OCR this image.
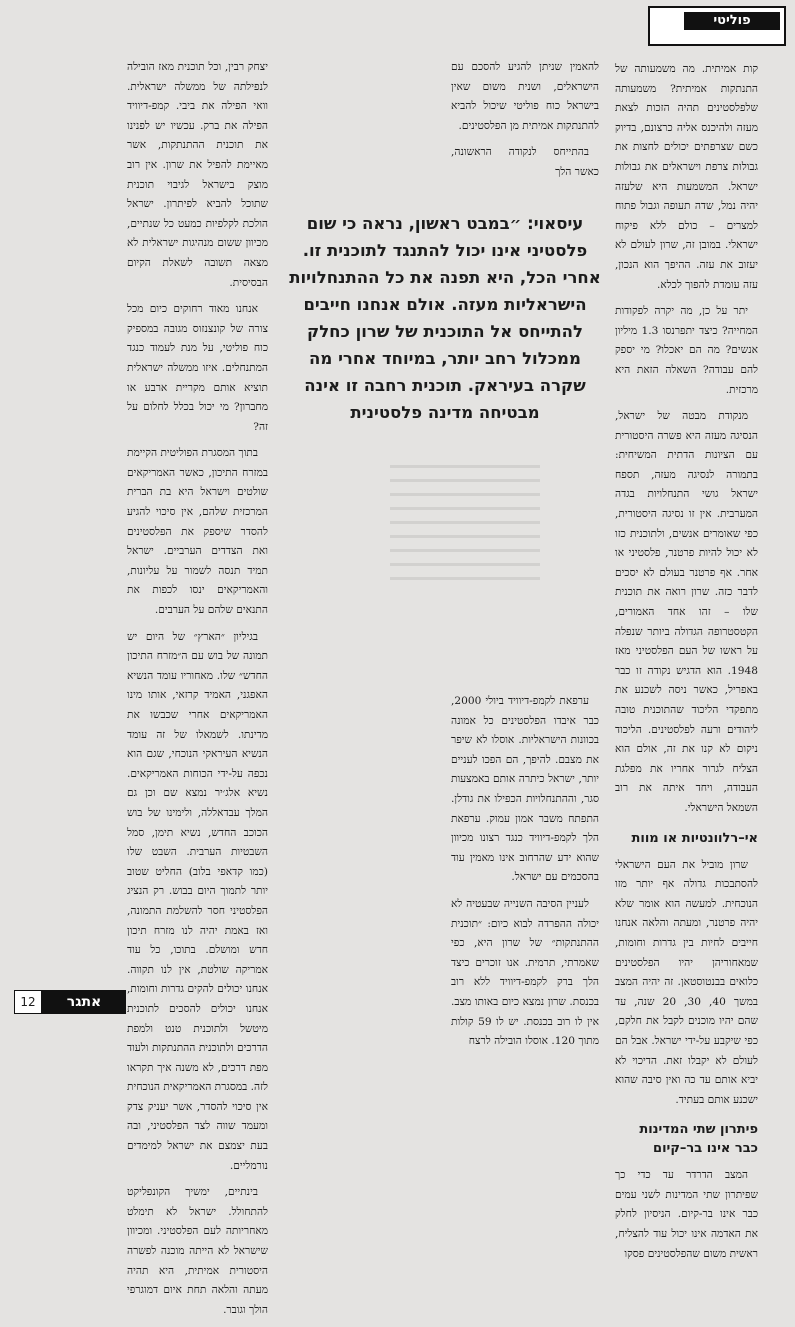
פוליטי

קות אמיתית. מה משמעותה של התנתקות אמיתית? משמעותה שלפלסטינים תהיה הזכות לצאת מעזה ולהיכנס אליה כרצונם, בדיוק כשם שצרפתים יכולים לחצות את גבולות צרפת וישראלים את גבולות ישראל. המשמעות היא שלעזה יהיה נמל, שדה תעופה וגבול פתוח למצרים – כולם ללא פיקוח ישראלי. במובן זה, שרון לעולם לא יעזוב את עזה. ההיפך הוא הנכון, עזה עומדת להפוך לכלא.

יתר על כן, מה יקרה לפקודות המחייה? כיצד יתפרנסו 1.3 מיליון אנשים? מה הם יאכלו? מי יספק להם עבודה? השאלה הזאת היא מרכזית.

מנקודת מבטה של ישראל, הנסיגה מעזה היא פשרה היסטורית עם הציונות הדתית המשיחית: בתמורה לנסיגה מעזה, תספח ישראל גושי התנחלויות בגדה המערבית. אין זו נסיגה היסטורית, כפי שאומרים אנשים, ולתוכנית כזו לא יכול להיות פרטנר, פלסטיני או אחר. אף פרטנר בעולם לא יסכים לדבר כזה. שרון רואה את תוכנית שלו – זהו אחד האמורים, הקטסטרופה הגדולה ביותר שנפלה על ראשו של העם הפלסטיני מאז 1948. הוא הדגיש נקודה זו כבר באפריל, כאשר ניסה לשכנע את מתפקדי הליכוד שהתוכנית טובה ליהודים ורעה לפלסטינים. הליכוד ניקום לא קנו את זה, אולם הוא הצליח לגרור אחריו את מפלגת העבודה, ויחד איתה את רוב השמאל הישראלי.

אי–רלוונטיות או מוות

שרון מוביל את העם הישראלי להסתבכות גדולה אף יותר מזו הנוכחית. למעשה הוא אומר שלא יהיה פרטנר, ומעתה והלאה אנחנו חייבים לחיות בין גדרות וחומות, שמאחוריהן יהיו הפלסטינים כלואים בבנטוסטאן. זה יהיה המצב במשך 40, 30, 20 שנה, עד שהם יהיו מוכנים לקבל את חלקם, כפי שיקבע על-ידי ישראל. אבל הם לעולם לא יקבלו זאת. הדיכוי לא יביא אותם עד כה ואין סיבה שהוא ישכנע אותם בעתיד.

פיתרון שתי המדינות כבר אינו בר–קיום

המצב הדרדר עד כדי כך שפיתרון שתי המדינות לשני עמים כבר אינו בר-קיום. הניסיון לחלק את האדמה אינו יכול עוד להצליח, ראשית משום שהפלסטינים פסקו

להאמין שניתן להגיע להסכם עם הישראלים, ושנית משום שאין בישראל כוח פוליטי שיכול להביא להתנתקות אמיתית מן הפלסטינים.

בהתייחס לנקודה הראשונה, כאשר הלך

עיסאוי: ״במבט ראשון, נראה כי שום פלסטיני אינו יכול להתנגד לתוכנית זו. אחרי הכל, היא תפנה את כל ההתנחלויות הישראליות מעזה. אולם אנחנו חייבים להתייחס אל התוכנית של שרון כחלק ממכלול רחב יותר, במיוחד אחרי מה שקרה בעיראק. תוכנית רחבה זו אינה מבטיחה מדינה פלסטינית

ערפאת לקמפ-דיוויד ביולי 2000, כבר איבדו הפלסטינים כל אמונה בכוונות הישראליות. אוסלו לא שיפר את מצבם. להיפך, הם הפכו לעניים יותר, ישראל כיתרה אותם באמצעות סגר, וההתנחלויות הכפילו את גודלן. התפתח משבר אמון עמוק. ערפאת הלך לקמפ-דיוויד כנגד רצונו מכיוון שהוא ידע שהרחוב אינו מאמין עוד בהסכמים עם ישראל.

לעניין הסיבה השנייה שבעטיה לא יכולה ההפרדה לבוא כיום: ״תוכנית ההתנתקות״ של שרון היא, כפי שאמרתי, תרמית. אנו זוכרים כיצד הלך ברק לקמפ-דיוויד ללא רוב בכנסת. שרון נמצא כיום באותו מצב. אין לו רוב בכנסת. יש לו 59 קולות מתוך 120. אוסלו הובילה לרצח

יצחק רבין, וכל תוכנית מאז הובילה לנפילתה של ממשלה ישראלית. וואי הפילה את ביבי. קמפ-דיוויד הפילה את ברק. עכשיו יש לפנינו את תוכנית ההתנתקות, אשר מאיימת להפיל את שרון. אין רוב מוצק בישראל לגיבוי תוכנית שתוכל להביא לפיתרון. ישראל הולכת לקלפיות כמעט כל שנתיים, מכיוון ששום מנהיגות ישראלית לא מצאה תשובה לשאלת הקיום הבסיסית.

אנחנו מאוד רחוקים כיום מכל צורה של קונצנזוס מגובה במספיק כוח פוליטי, על מנת לעמוד כנגד המתנחלים. איזו ממשלה ישראלית תוציא אותם מקריית ארבע או מחברון? מי יכול בכלל לחלום על זה?

בתוך המסגרת הפוליטית הקיימת במזרח התיכון, כאשר האמריקאים שולטים וישראל היא בת הברית המרכזית שלהם, אין סיכוי להגיע להסדר שיספק את הפלסטינים ואת הצדדים הערביים. ישראל תמיד תנסה לשמור על עליונות, והאמריקאים ינסו לכפות את התנאים שלהם על הערבים.

בגיליון ״הארץ״ של היום יש תמונה של בוש עם ה״מזרח התיכון החדש״ שלו. מאחוריו עומד הנשיא האפגני, האמיד קרזאי, אותו מינו האמריקאים אחרי שכבשו את מדינתו. לשמאלו של זה עומד הנשיא העיראקי הנוכחי, שגם הוא נכפה על-ידי הכוחות האמריקאים. נשיא אלג׳יר נמצא שם וכן גם המלך עבדאללה, ולימינו של בוש הכוכב החדש, נשיא תימן, סמל השבטיות הערבית. השבט שלו (כמו קדאפי בלוב) החליט שטוב יותר לתמוך היום בבוש. רק הנציג הפלסטיני חסר להשלמת התמונה, ואז באמת יהיה לנו מזרח תיכון חדש ומושלם. בתוכו, כל עוד אמריקה שולטת, אין לנו תקווה. אנחנו יכולים להקים גדרות וחומות, אנחנו יכולים להסכים לתוכנית מיטשל ולתוכנית טנט ולמפת הדרכים ולתוכנית ההתנתקות ולעוד מפת דרכים, לא משנה איך תקראו לזה. במסגרת האמריקאית הנוכחית אין סיכוי להסדר, אשר יעניק צדק ומעמד שווה לצד הפלסטיני, ובה בעת יצמצם את ישראל למימדים נורמליים.

בינתיים, ימשיך הקונפליקט להתחולל. ישראל לא תימלט מאחריותה לעם הפלסטיני. ומכיוון שישראל לא הייתה מוכנה לפשרה היסטורית אמיתית, היא תהיה מעתה והלאה תחת איום דמוגרפי הולך וגובר.

12	אתגר
